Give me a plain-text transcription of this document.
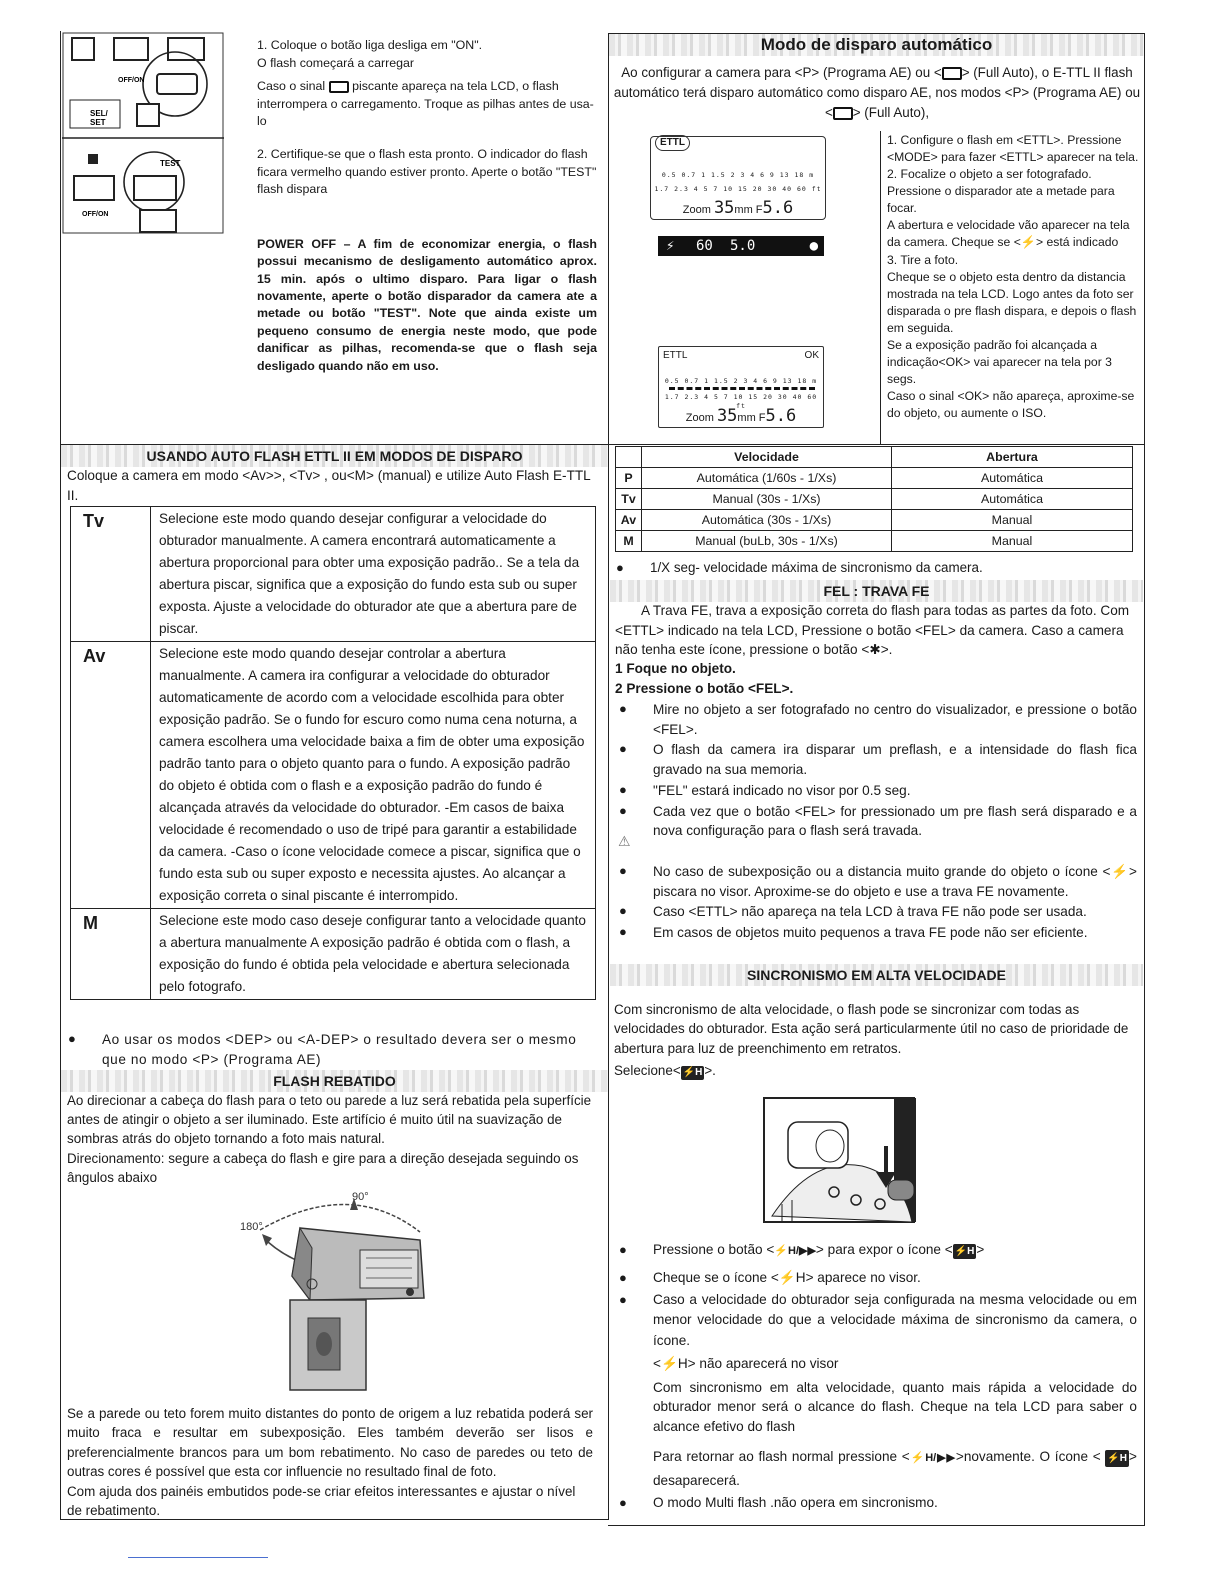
OFF/ON
SEL/
SET
TEST
OFF/ON
1. Coloque o botão liga desliga em "ON".
O flash começará a carregar
Caso o sinal piscante apareça na tela LCD, o flash interrompera o carregamento. Troque as pilhas antes de usa-lo
2. Certifique-se que o flash esta pronto. O indicador do flash ficara vermelho quando estiver pronto. Aperte o botão "TEST" flash dispara
POWER OFF – A fim de economizar energia, o flash possui mecanismo de desligamento automático aprox. 15 min. após o ultimo disparo. Para ligar o flash novamente, aperte o botão disparador da camera ate a metade ou botão "TEST". Note que ainda existe um pequeno consumo de energia neste modo, que pode danificar as pilhas, recomenda-se que o flash seja desligado quando não em uso.
Modo de disparo automático
Ao configurar a camera para <P> (Programa AE) ou < > (Full Auto), o E-TTL II flash automático terá disparo automático como disparo AE, nos modos <P> (Programa AE) ou < > (Full Auto),
ETTL
0.5 0.7 1 1.5 2 3 4 6 9 13 18 m
1.7 2.3 4 5 7 10 15 20 30 40 60 ft
Zoom 35mm F5.6
⚡ 60 5.0	●
ETTL	OK
0.5 0.7 1 1.5 2 3 4 6 9 13 18 m
1.7 2.3 4 5 7 10 15 20 30 40 60 ft
Zoom 35mm F5.6
1. Configure o flash em <ETTL>. Pressione <MODE> para fazer <ETTL> aparecer na tela.
2. Focalize o objeto a ser fotografado. Pressione o disparador ate a metade para focar.
A abertura e velocidade vão aparecer na tela da camera. Cheque se <⚡> está indicado
3. Tire a foto.
Cheque se o objeto esta dentro da distancia mostrada na tela LCD. Logo antes da foto ser disparada o pre flash dispara, e depois o flash em seguida.
Se a exposição padrão foi alcançada a indicação<OK> vai aparecer na tela por 3 segs.
Caso o sinal <OK> não apareça, aproxime-se do objeto, ou aumente o ISO.
USANDO AUTO FLASH ETTL II EM MODOS DE DISPARO
Coloque a camera em modo <Av>>, <Tv> , ou<M> (manual) e utilize Auto Flash E-TTL II.
Tv	Selecione este modo quando desejar configurar a velocidade do obturador manualmente. A camera encontrará automaticamente a abertura proporcional para obter uma exposição padrão.. Se a tela da abertura piscar, significa que a exposição do fundo esta sub ou super exposta. Ajuste a velocidade do obturador ate que a abertura pare de piscar.
Av	Selecione este modo quando desejar controlar a abertura manualmente. A camera ira configurar a velocidade do obturador automaticamente de acordo com a velocidade escolhida para obter exposição padrão. Se o fundo for escuro como numa cena noturna, a camera escolhera uma velocidade baixa a fim de obter uma exposição padrão tanto para o objeto quanto para o fundo. A exposição padrão do objeto é obtida com o flash e a exposição padrão do fundo é alcançada através da velocidade do obturador. -Em casos de baixa velocidade é recomendado o uso de tripé para garantir a estabilidade da camera. -Caso o ícone velocidade comece a piscar, significa que o fundo esta sub ou super exposto e necessita ajustes. Ao alcançar a exposição correta o sinal piscante é interrompido.
M	Selecione este modo caso deseje configurar tanto a velocidade quanto a abertura manualmente A exposição padrão é obtida com o flash, a exposição do fundo é obtida pela velocidade e abertura selecionada pelo fotografo.
● Ao usar os modos <DEP> ou <A-DEP> o resultado devera ser o mesmo que no modo <P> (Programa AE)
FLASH REBATIDO
Ao direcionar a cabeça do flash para o teto ou parede a luz será rebatida pela superfície antes de atingir o objeto a ser iluminado. Este artifício é muito útil na suavização de sombras atrás do objeto tornando a foto mais natural.
Direcionamento: segure a cabeça do flash e gire para a direção desejada seguindo os ângulos abaixo
90°
180°
Se a parede ou teto forem muito distantes do ponto de origem a luz rebatida poderá ser muito fraca e resultar em subexposição. Eles também deverão ser lisos e preferencialmente brancos para um bom rebatimento. No caso de paredes ou teto de outras cores é possível que esta cor influencie no resultado final de foto.
Com ajuda dos painéis embutidos pode-se criar efeitos interessantes e ajustar o nível de rebatimento.
	Velocidade	Abertura
P	Automática (1/60s - 1/Xs)	Automática
Tv	Manual (30s - 1/Xs)	Automática
Av	Automática (30s - 1/Xs)	Manual
M	Manual (buLb, 30s - 1/Xs)	Manual
● 1/X seg- velocidade máxima de sincronismo da camera.
FEL : TRAVA FE
A Trava FE, trava a exposição correta do flash para todas as partes da foto. Com <ETTL> indicado na tela LCD, Pressione o botão <FEL> da camera. Caso a camera não tenha este ícone, pressione o botão <✱>.
1 Foque no objeto.
2 Pressione o botão <FEL>.
● Mire no objeto a ser fotografado no centro do visualizador, e pressione o botão <FEL>.
● O flash da camera ira disparar um preflash, e a intensidade do flash fica gravado na sua memoria.
● "FEL" estará indicado no visor por 0.5 seg.
● Cada vez que o botão <FEL> for pressionado um pre flash será disparado e a nova configuração para o flash será travada.
⚠
● No caso de subexposição ou a distancia muito grande do objeto o ícone <⚡> piscara no visor. Aproxime-se do objeto e use a trava FE novamente.
● Caso <ETTL> não apareça na tela LCD à trava FE não pode ser usada.
● Em casos de objetos muito pequenos a trava FE pode não ser eficiente.
SINCRONISMO EM ALTA VELOCIDADE
Com sincronismo de alta velocidade, o flash pode se sincronizar com todas as velocidades do obturador. Esta ação será particularmente útil no caso de prioridade de abertura para luz de preenchimento em retratos.
Selecione< ⚡H >.
● Pressione o botão <⚡H/▶▶> para expor o ícone < ⚡H >
● Cheque se o ícone <⚡H> aparece no visor.
● Caso a velocidade do obturador seja configurada na mesma velocidade ou em menor velocidade do que a velocidade máxima de sincronismo da camera, o ícone.
<⚡H> não aparecerá no visor
Com sincronismo em alta velocidade, quanto mais rápida a velocidade do obturador menor será o alcance do flash. Cheque na tela LCD para saber o alcance efetivo do flash
Para retornar ao flash normal pressione <⚡H/▶▶>novamente. O ícone < ⚡H > desaparecerá.
● O modo Multi flash .não opera em sincronismo.
